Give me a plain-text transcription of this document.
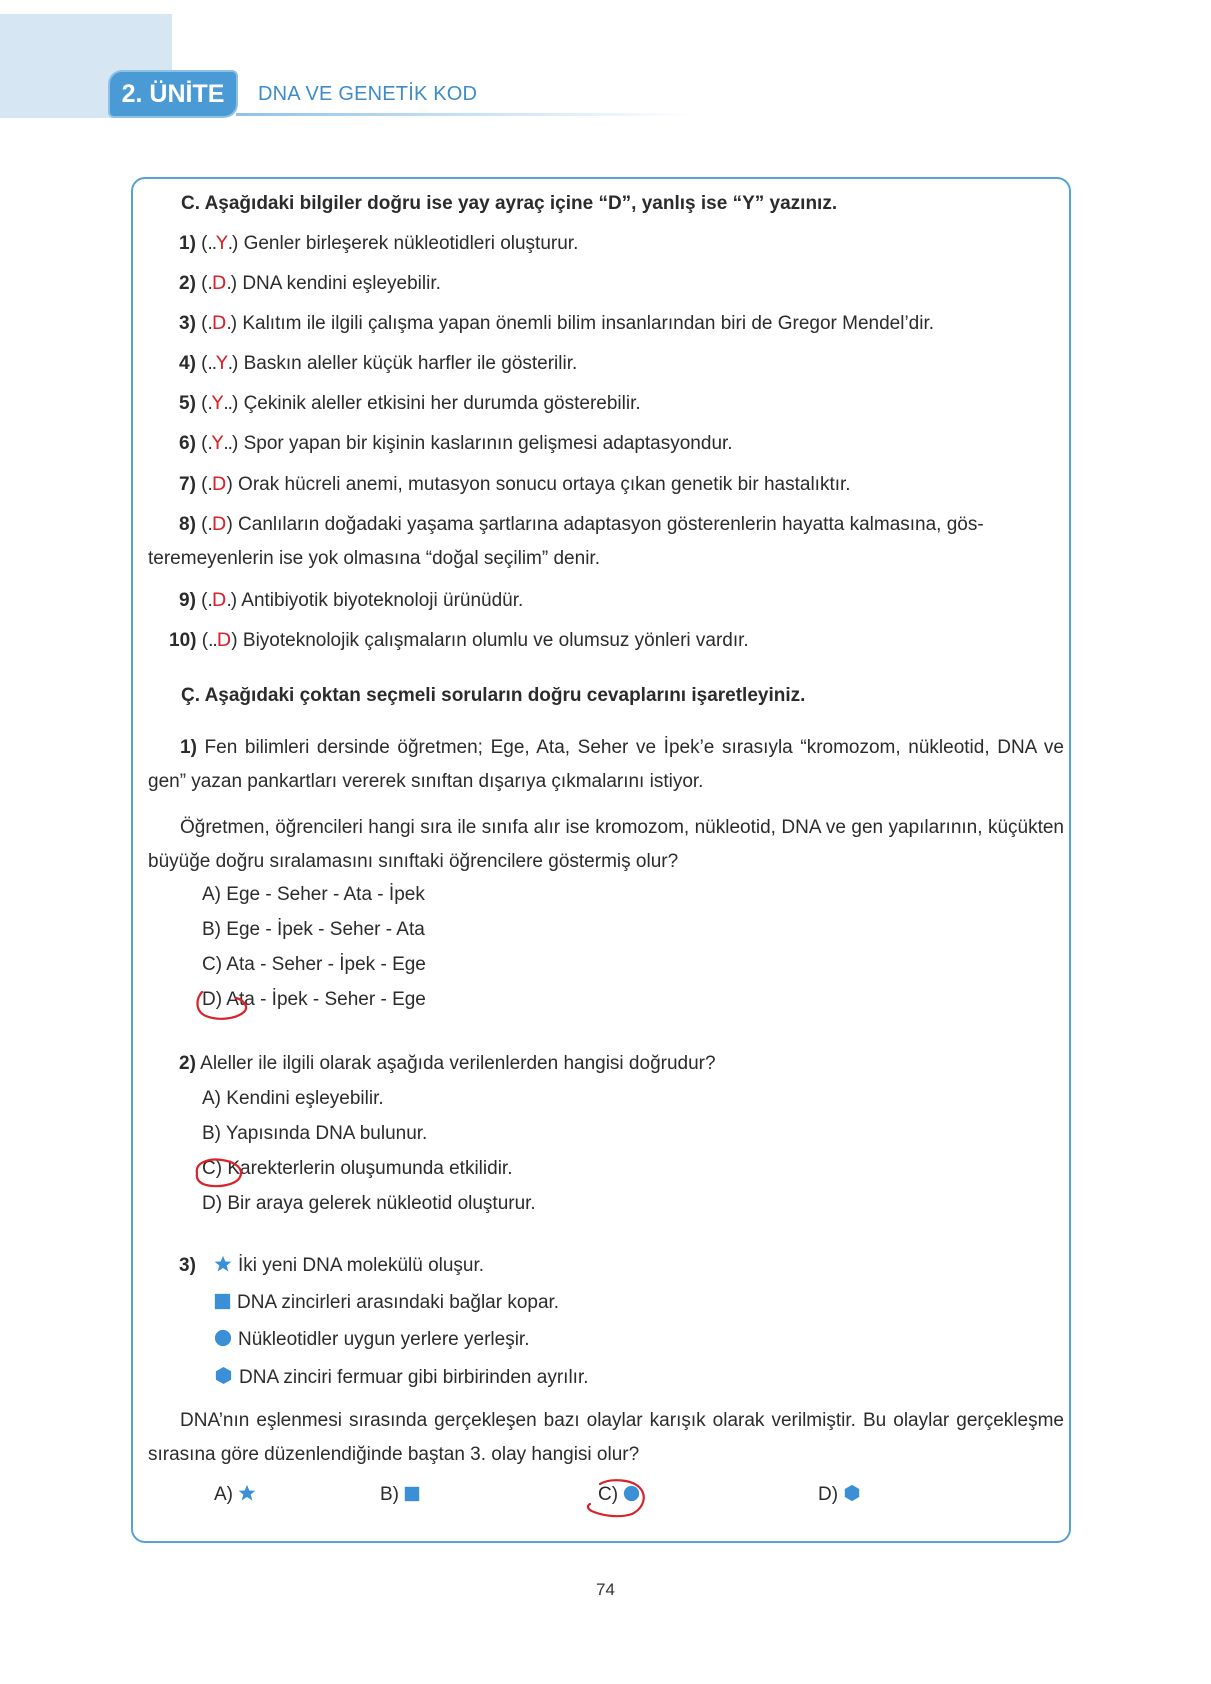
2. ÜNİTE	DNA VE GENETİK KOD
C. Aşağıdaki bilgiler doğru ise yay ayraç içine “D”, yanlış ise “Y” yazınız.
1) (..Y.) Genler birleşerek nükleotidleri oluşturur.
2) (.D.) DNA kendini eşleyebilir.
3) (.D.) Kalıtım ile ilgili çalışma yapan önemli bilim insanlarından biri de Gregor Mendel’dir.
4) (..Y.) Baskın aleller küçük harfler ile gösterilir.
5) (.Y..) Çekinik aleller etkisini her durumda gösterebilir.
6) (.Y..) Spor yapan bir kişinin kaslarının gelişmesi adaptasyondur.
7) (.D) Orak hücreli anemi, mutasyon sonucu ortaya çıkan genetik bir hastalıktır.
8) (.D) Canlıların doğadaki yaşama şartlarına adaptasyon gösterenlerin hayatta kalmasına, gös-
teremeyenlerin ise yok olmasına “doğal seçilim” denir.
9) (.D.) Antibiyotik biyoteknoloji ürünüdür.
10) (..D) Biyoteknolojik çalışmaların olumlu ve olumsuz yönleri vardır.
Ç. Aşağıdaki çoktan seçmeli soruların doğru cevaplarını işaretleyiniz.
1) Fen bilimleri dersinde öğretmen; Ege, Ata, Seher ve İpek’e sırasıyla “kromozom, nükleotid, DNA ve gen” yazan pankartları vererek sınıftan dışarıya çıkmalarını istiyor.
Öğretmen, öğrencileri hangi sıra ile sınıfa alır ise kromozom, nükleotid, DNA ve gen yapılarının, küçükten büyüğe doğru sıralamasını sınıftaki öğrencilere göstermiş olur?
A) Ege - Seher - Ata - İpek
B) Ege - İpek - Seher - Ata
C) Ata - Seher - İpek - Ege
D) Ata - İpek - Seher - Ege
2) Aleller ile ilgili olarak aşağıda verilenlerden hangisi doğrudur?
A) Kendini eşleyebilir.
B) Yapısında DNA bulunur.
C) Karekterlerin oluşumunda etkilidir.
D) Bir araya gelerek nükleotid oluşturur.
3)	İki yeni DNA molekülü oluşur.
DNA zincirleri arasındaki bağlar kopar.
Nükleotidler uygun yerlere yerleşir.
DNA zinciri fermuar gibi birbirinden ayrılır.
DNA’nın eşlenmesi sırasında gerçekleşen bazı olaylar karışık olarak verilmiştir. Bu olaylar gerçekleşme sırasına göre düzenlendiğinde baştan 3. olay hangisi olur?
A)	B)	C)	D)
74
